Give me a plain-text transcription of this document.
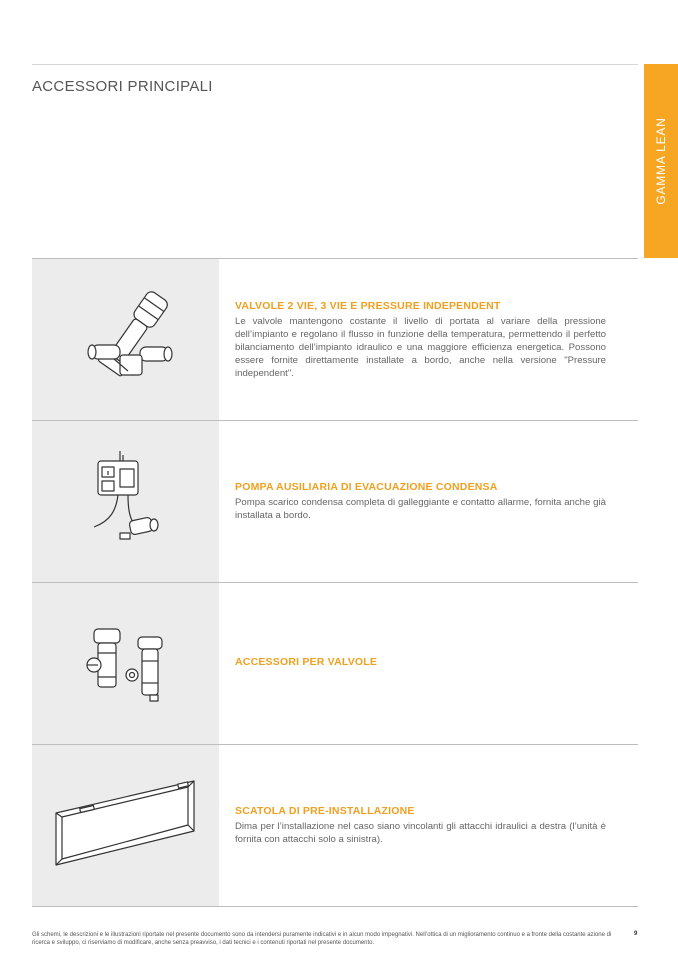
ACCESSORI PRINCIPALI
GAMMA LEAN
VALVOLE 2 VIE, 3 VIE E PRESSURE INDEPENDENT

Le valvole mantengono costante il livello di portata al variare della pressione dell’impianto e regolano il flusso in funzione della temperatura, permettendo il perfetto bilanciamento dell’impianto idraulico e una maggiore efficienza energetica. Possono essere fornite direttamente installate a bordo, anche nella versione "Pressure independent".

POMPA AUSILIARIA DI EVACUAZIONE CONDENSA

Pompa scarico condensa completa di galleggiante e contatto allarme, fornita anche già installata a bordo.

ACCESSORI PER VALVOLE
SCATOLA DI PRE-INSTALLAZIONE

Dima per l’installazione nel caso siano vincolanti gli attacchi idraulici a destra (l’unità è fornita con attacchi solo a sinistra).

Gli schemi, le descrizioni e le illustrazioni riportate nel presente documento sono da intendersi puramente indicativi e in alcun modo impegnativi. Nell’ottica di un miglioramento continuo e a fronte della costante azione di ricerca e sviluppo, ci riserviamo di modificare, anche senza preavviso, i dati tecnici e i contenuti riportati nel presente documento.
9
